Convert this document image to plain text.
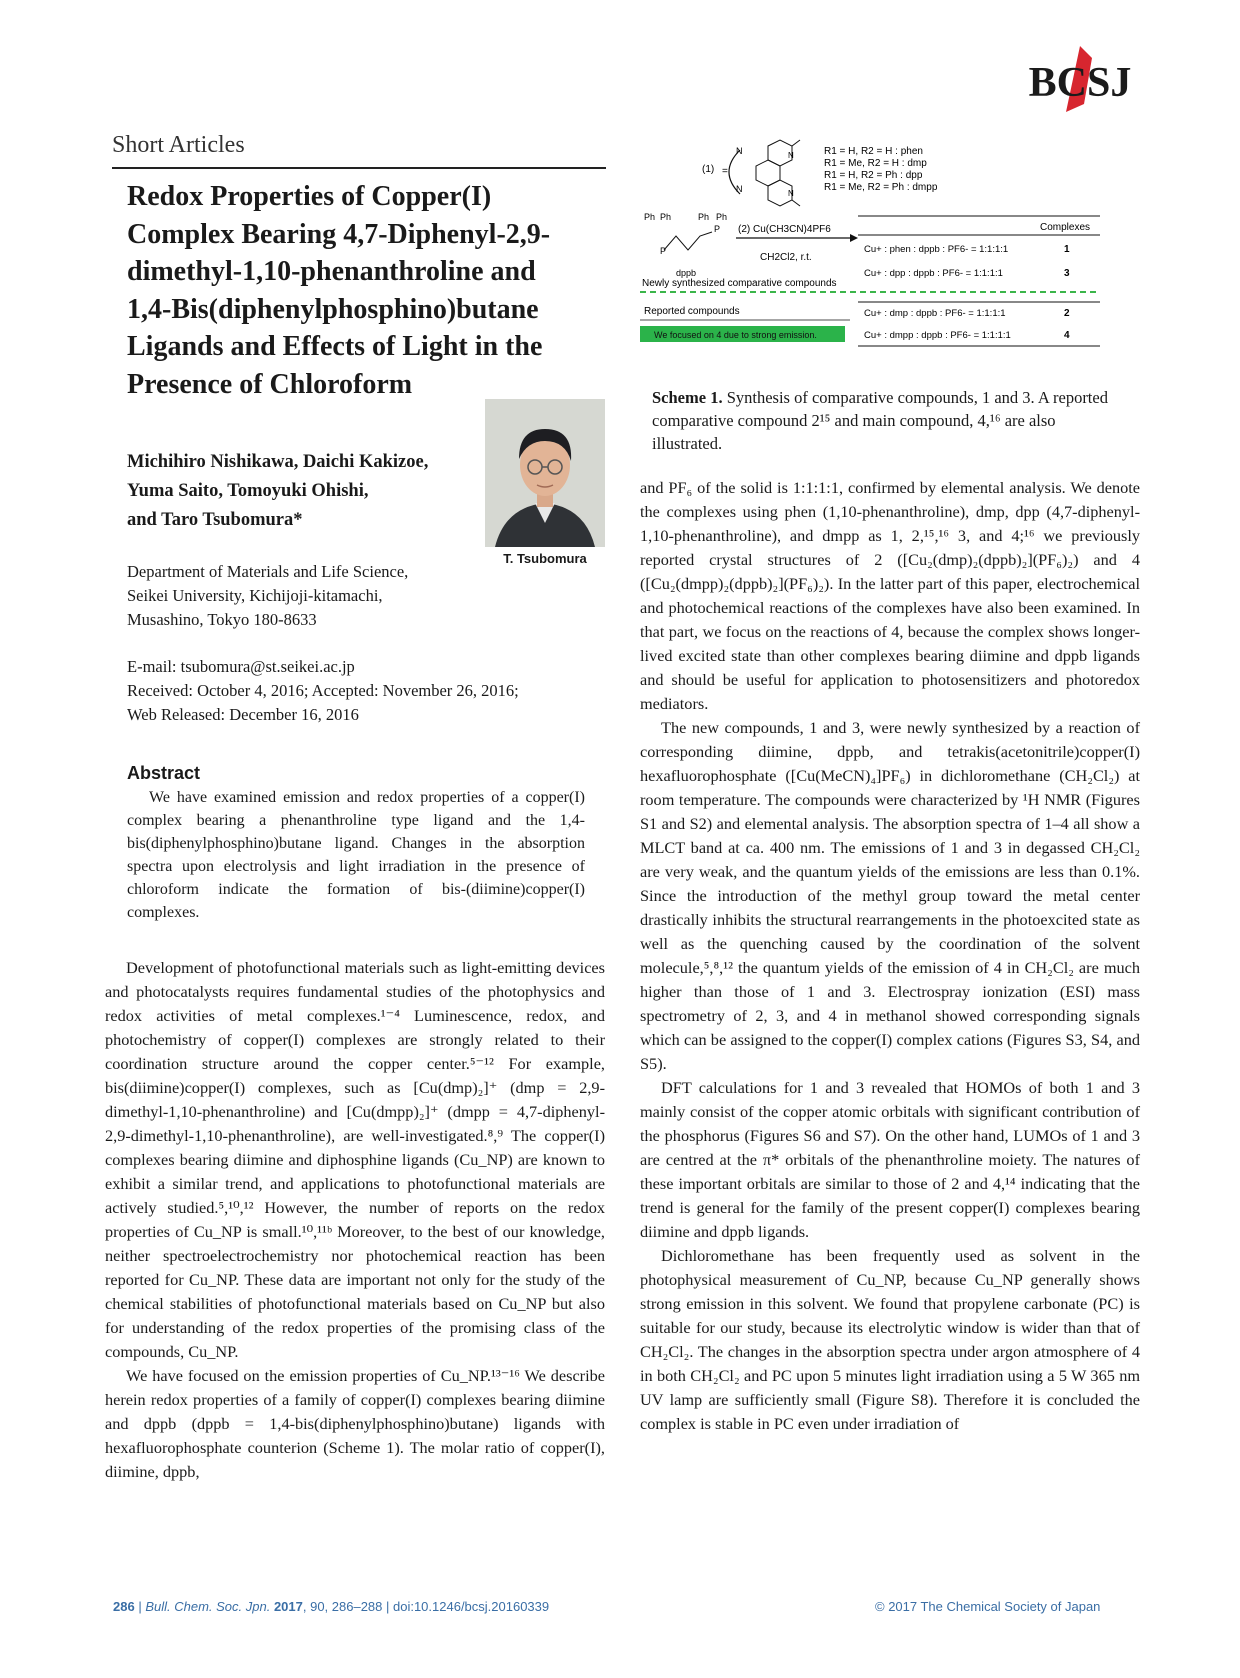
BCSJ
Short Articles
Redox Properties of Copper(I)
Complex Bearing 4,7-Diphenyl-2,9-
dimethyl-1,10-phenanthroline and
1,4-Bis(diphenylphosphino)butane
Ligands and Effects of Light in the
Presence of Chloroform
T. Tsubomura
Michihiro Nishikawa, Daichi Kakizoe,
Yuma Saito, Tomoyuki Ohishi,
and Taro Tsubomura*
Department of Materials and Life Science,
Seikei University, Kichijoji-kitamachi,
Musashino, Tokyo 180-8633
E-mail: tsubomura@st.seikei.ac.jp
Received: October 4, 2016; Accepted: November 26, 2016;
Web Released: December 16, 2016
Abstract

We have examined emission and redox properties of a copper(I) complex bearing a phenanthroline type ligand and the 1,4-bis(diphenylphosphino)butane ligand. Changes in the absorption spectra upon electrolysis and light irradiation in the presence of chloroform indicate the formation of bis-(diimine)copper(I) complexes.

(1)
N
N
=
N
N
R1 = H, R2 = H : phen
R1 = Me, R2 = H : dmp
R1 = H, R2 = Ph : dpp
R1 = Me, R2 = Ph : dmpp
Ph Ph	Ph Ph
P
P
dppb
(2) Cu(CH3CN)4PF6
CH2Cl2, r.t.
Complexes
Cu+ : phen : dppb : PF6- = 1:1:1:1	1
Cu+ : dpp : dppb : PF6- = 1:1:1:1	3
Newly synthesized comparative compounds
Reported compounds	Cu+ : dmp : dppb : PF6- = 1:1:1:1	2
We focused on 4 due to strong emission.	Cu+ : dmpp : dppb : PF6- = 1:1:1:1	4
Scheme 1. Synthesis of comparative compounds, 1 and 3. A reported comparative compound 2¹⁵ and main compound, 4,¹⁶ are also illustrated.

Development of photofunctional materials such as light-emitting devices and photocatalysts requires fundamental studies of the photophysics and redox activities of metal complexes.¹⁻⁴ Luminescence, redox, and photochemistry of copper(I) complexes are strongly related to their coordination structure around the copper center.⁵⁻¹² For example, bis(diimine)copper(I) complexes, such as [Cu(dmp)₂]⁺ (dmp = 2,9-dimethyl-1,10-phenanthroline) and [Cu(dmpp)₂]⁺ (dmpp = 4,7-diphenyl-2,9-dimethyl-1,10-phenanthroline), are well-investigated.⁸,⁹ The copper(I) complexes bearing diimine and diphosphine ligands (Cu_NP) are known to exhibit a similar trend, and applications to photofunctional materials are actively studied.⁵,¹⁰,¹² However, the number of reports on the redox properties of Cu_NP is small.¹⁰,¹¹ᵇ Moreover, to the best of our knowledge, neither spectroelectrochemistry nor photochemical reaction has been reported for Cu_NP. These data are important not only for the study of the chemical stabilities of photofunctional materials based on Cu_NP but also for understanding of the redox properties of the promising class of the compounds, Cu_NP.

We have focused on the emission properties of Cu_NP.¹³⁻¹⁶ We describe herein redox properties of a family of copper(I) complexes bearing diimine and dppb (dppb = 1,4-bis(diphenylphosphino)butane) ligands with hexafluorophosphate counterion (Scheme 1). The molar ratio of copper(I), diimine, dppb,

and PF₆ of the solid is 1:1:1:1, confirmed by elemental analysis. We denote the complexes using phen (1,10-phenanthroline), dmp, dpp (4,7-diphenyl-1,10-phenanthroline), and dmpp as 1, 2,¹⁵,¹⁶ 3, and 4;¹⁶ we previously reported crystal structures of 2 ([Cu₂(dmp)₂(dppb)₂](PF₆)₂) and 4 ([Cu₂(dmpp)₂(dppb)₂](PF₆)₂). In the latter part of this paper, electrochemical and photochemical reactions of the complexes have also been examined. In that part, we focus on the reactions of 4, because the complex shows longer-lived excited state than other complexes bearing diimine and dppb ligands and should be useful for application to photosensitizers and photoredox mediators.

The new compounds, 1 and 3, were newly synthesized by a reaction of corresponding diimine, dppb, and tetrakis(acetonitrile)copper(I) hexafluorophosphate ([Cu(MeCN)₄]PF₆) in dichloromethane (CH₂Cl₂) at room temperature. The compounds were characterized by ¹H NMR (Figures S1 and S2) and elemental analysis. The absorption spectra of 1–4 all show a MLCT band at ca. 400 nm. The emissions of 1 and 3 in degassed CH₂Cl₂ are very weak, and the quantum yields of the emissions are less than 0.1%. Since the introduction of the methyl group toward the metal center drastically inhibits the structural rearrangements in the photoexcited state as well as the quenching caused by the coordination of the solvent molecule,⁵,⁸,¹² the quantum yields of the emission of 4 in CH₂Cl₂ are much higher than those of 1 and 3. Electrospray ionization (ESI) mass spectrometry of 2, 3, and 4 in methanol showed corresponding signals which can be assigned to the copper(I) complex cations (Figures S3, S4, and S5).

DFT calculations for 1 and 3 revealed that HOMOs of both 1 and 3 mainly consist of the copper atomic orbitals with significant contribution of the phosphorus (Figures S6 and S7). On the other hand, LUMOs of 1 and 3 are centred at the π* orbitals of the phenanthroline moiety. The natures of these important orbitals are similar to those of 2 and 4,¹⁴ indicating that the trend is general for the family of the present copper(I) complexes bearing diimine and dppb ligands.

Dichloromethane has been frequently used as solvent in the photophysical measurement of Cu_NP, because Cu_NP generally shows strong emission in this solvent. We found that propylene carbonate (PC) is suitable for our study, because its electrolytic window is wider than that of CH₂Cl₂. The changes in the absorption spectra under argon atmosphere of 4 in both CH₂Cl₂ and PC upon 5 minutes light irradiation using a 5 W 365 nm UV lamp are sufficiently small (Figure S8). Therefore it is concluded the complex is stable in PC even under irradiation of

286 | Bull. Chem. Soc. Jpn. 2017, 90, 286–288 | doi:10.1246/bcsj.20160339	© 2017 The Chemical Society of Japan
